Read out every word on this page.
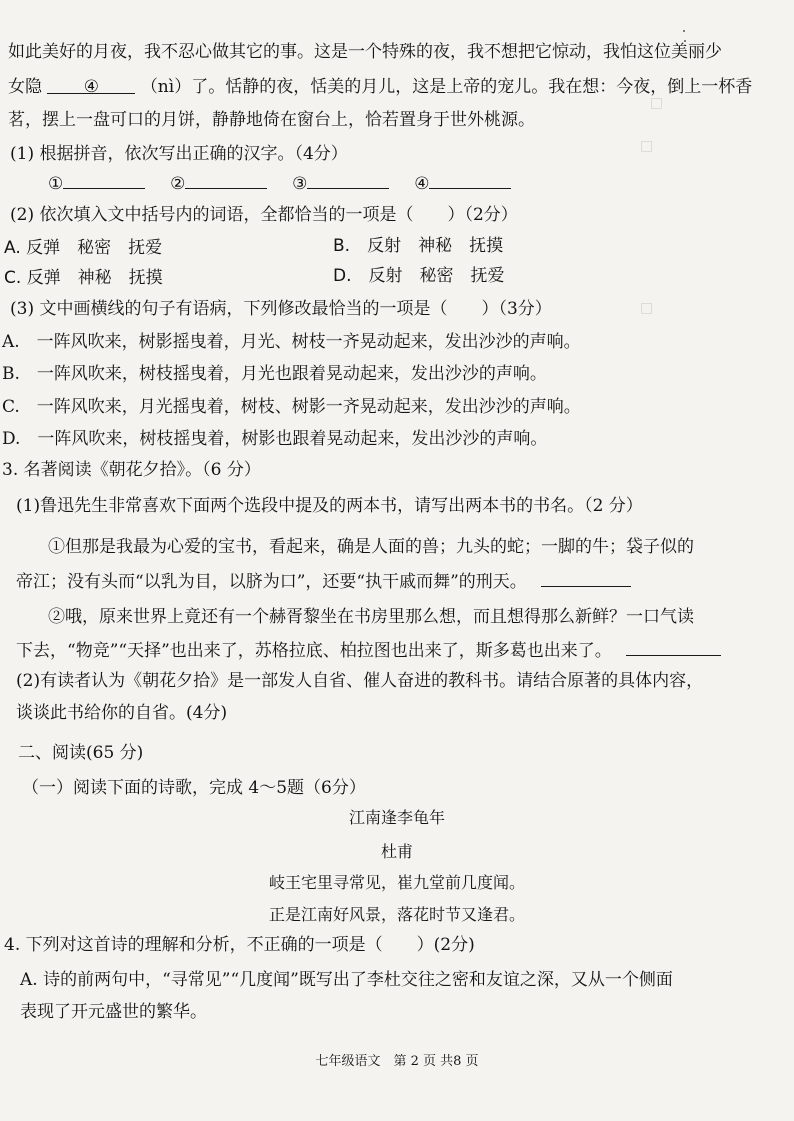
□
□
□
如此美好的月夜，我不忍心做其它的事。这是一个特殊的夜，我不想把它惊动，我怕这位美丽少
女隐 ④ （nì）了。恬静的夜，恬美的月儿，这是上帝的宠儿。我在想：今夜，倒上一杯香
茗，摆上一盘可口的月饼，静静地倚在窗台上，恰若置身于世外桃源。
(1) 根据拼音，依次写出正确的汉字。（4分）
①	②	③	④
(2) 依次填入文中括号内的词语，全都恰当的一项是（　　）（2分）
A. 反弹　秘密　抚爱	B.　 反射　神秘　抚摸
C. 反弹　神秘　抚摸	D.　 反射　秘密　抚爱
(3) 文中画横线的句子有语病，下列修改最恰当的一项是（　　）（3分）
A.　一阵风吹来，树影摇曳着，月光、树枝一齐晃动起来，发出沙沙的声响。
B.　一阵风吹来，树枝摇曳着，月光也跟着晃动起来，发出沙沙的声响。
C.　一阵风吹来，月光摇曳着，树枝、树影一齐晃动起来，发出沙沙的声响。
D.　一阵风吹来，树枝摇曳着，树影也跟着晃动起来，发出沙沙的声响。
3. 名著阅读《朝花夕拾》。（6 分）
(1)鲁迅先生非常喜欢下面两个选段中提及的两本书，请写出两本书的书名。（2 分）
①但那是我最为心爱的宝书，看起来，确是人面的兽；九头的蛇；一脚的牛；袋子似的
帝江；没有头而“以乳为目，以脐为口”，还要“执干戚而舞”的刑天。
②哦，原来世界上竟还有一个赫胥黎坐在书房里那么想，而且想得那么新鲜？一口气读
下去，“物竞”“天择”也出来了，苏格拉底、柏拉图也出来了，斯多葛也出来了。
(2)有读者认为《朝花夕拾》是一部发人自省、催人奋进的教科书。请结合原著的具体内容，
谈谈此书给你的自省。(4分)
二、阅读(65 分)
（一）阅读下面的诗歌，完成 4～5题（6分）
江南逢李龟年
杜甫
岐王宅里寻常见，崔九堂前几度闻。
正是江南好风景，落花时节又逢君。
4. 下列对这首诗的理解和分析，不正确的一项是（　　）(2分)
A. 诗的前两句中，“寻常见”“几度闻”既写出了李杜交往之密和友谊之深，又从一个侧面
表现了开元盛世的繁华。
七年级语文　第 2 页 共8 页
